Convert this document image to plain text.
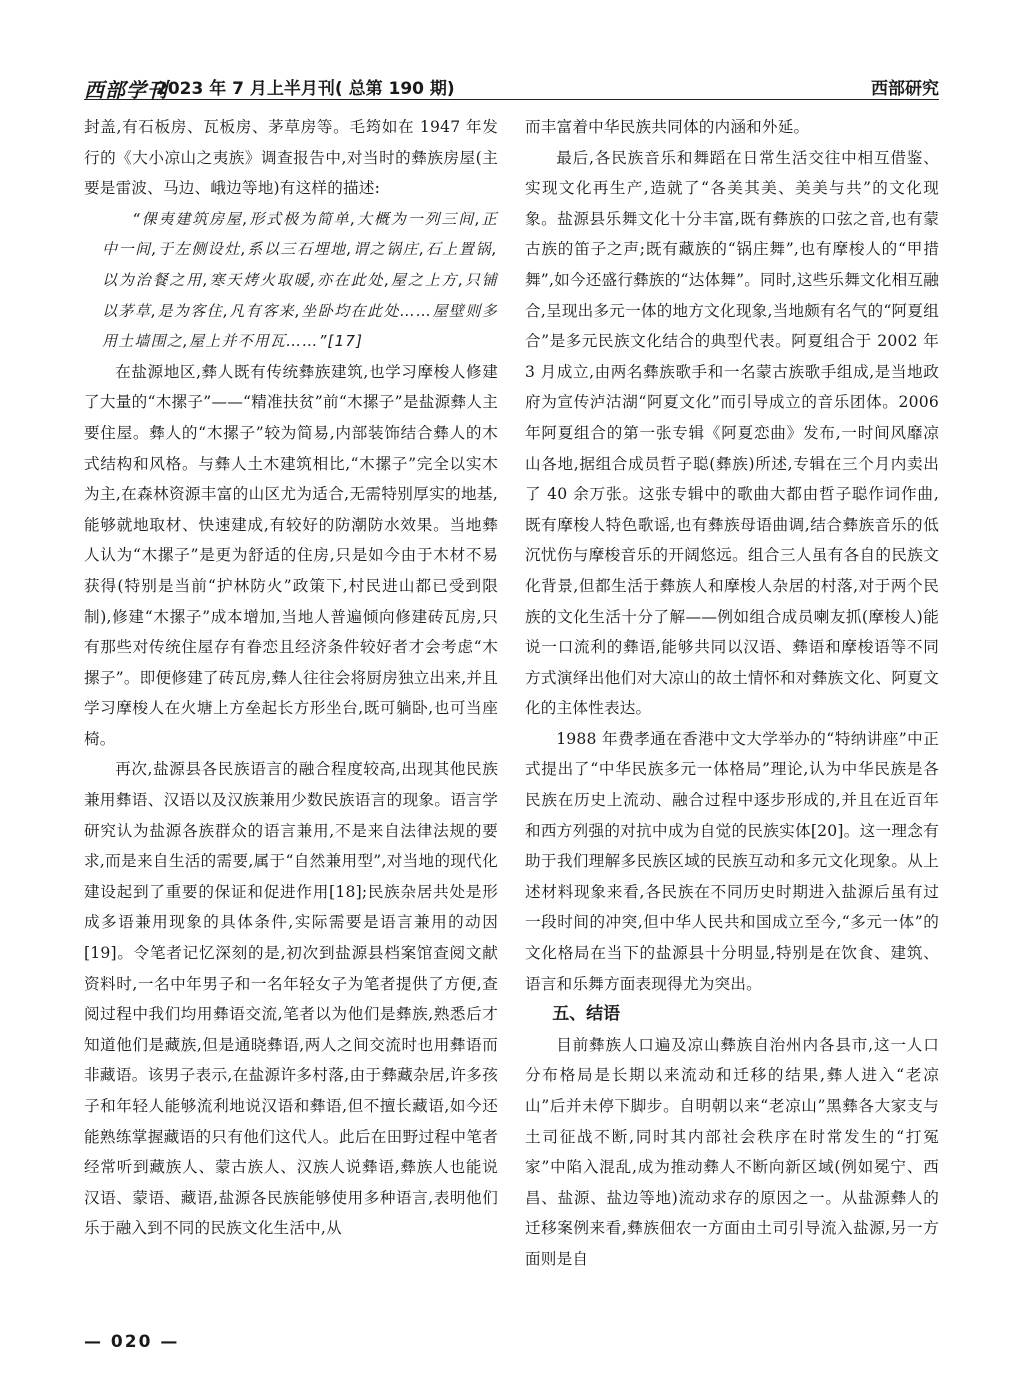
西部学刊
2023 年 7 月上半月刊( 总第 190 期)	西部研究

封盖,有石板房、瓦板房、茅草房等。毛筠如在 1947 年发行的《大小凉山之夷族》调查报告中,对当时的彝族房屋(主要是雷波、马边、峨边等地)有这样的描述:

“倮夷建筑房屋,形式极为简单,大概为一列三间,正中一间,于左侧设灶,系以三石埋地,谓之锅庄,石上置锅,以为治餐之用,寒天烤火取暖,亦在此处,屋之上方,只铺以茅草,是为客住,凡有客来,坐卧均在此处……屋壁则多用土墙围之,屋上并不用瓦……”[17]

在盐源地区,彝人既有传统彝族建筑,也学习摩梭人修建了大量的“木摞子”——“精准扶贫”前“木摞子”是盐源彝人主要住屋。彝人的“木摞子”较为简易,内部装饰结合彝人的木式结构和风格。与彝人土木建筑相比,“木摞子”完全以实木为主,在森林资源丰富的山区尤为适合,无需特别厚实的地基,能够就地取材、快速建成,有较好的防潮防水效果。当地彝人认为“木摞子”是更为舒适的住房,只是如今由于木材不易获得(特别是当前“护林防火”政策下,村民进山都已受到限制),修建“木摞子”成本增加,当地人普遍倾向修建砖瓦房,只有那些对传统住屋存有眷恋且经济条件较好者才会考虑“木摞子”。即便修建了砖瓦房,彝人往往会将厨房独立出来,并且学习摩梭人在火塘上方垒起长方形坐台,既可躺卧,也可当座椅。

再次,盐源县各民族语言的融合程度较高,出现其他民族兼用彝语、汉语以及汉族兼用少数民族语言的现象。语言学研究认为盐源各族群众的语言兼用,不是来自法律法规的要求,而是来自生活的需要,属于“自然兼用型”,对当地的现代化建设起到了重要的保证和促进作用[18];民族杂居共处是形成多语兼用现象的具体条件,实际需要是语言兼用的动因[19]。令笔者记忆深刻的是,初次到盐源县档案馆查阅文献资料时,一名中年男子和一名年轻女子为笔者提供了方便,查阅过程中我们均用彝语交流,笔者以为他们是彝族,熟悉后才知道他们是藏族,但是通晓彝语,两人之间交流时也用彝语而非藏语。该男子表示,在盐源许多村落,由于彝藏杂居,许多孩子和年轻人能够流利地说汉语和彝语,但不擅长藏语,如今还能熟练掌握藏语的只有他们这代人。此后在田野过程中笔者经常听到藏族人、蒙古族人、汉族人说彝语,彝族人也能说汉语、蒙语、藏语,盐源各民族能够使用多种语言,表明他们乐于融入到不同的民族文化生活中,从

而丰富着中华民族共同体的内涵和外延。

最后,各民族音乐和舞蹈在日常生活交往中相互借鉴、实现文化再生产,造就了“各美其美、美美与共”的文化现象。盐源县乐舞文化十分丰富,既有彝族的口弦之音,也有蒙古族的笛子之声;既有藏族的“锅庄舞”,也有摩梭人的“甲措舞”,如今还盛行彝族的“达体舞”。同时,这些乐舞文化相互融合,呈现出多元一体的地方文化现象,当地颇有名气的“阿夏组合”是多元民族文化结合的典型代表。阿夏组合于 2002 年 3 月成立,由两名彝族歌手和一名蒙古族歌手组成,是当地政府为宣传泸沽湖“阿夏文化”而引导成立的音乐团体。2006 年阿夏组合的第一张专辑《阿夏恋曲》发布,一时间风靡凉山各地,据组合成员哲子聪(彝族)所述,专辑在三个月内卖出了 40 余万张。这张专辑中的歌曲大都由哲子聪作词作曲,既有摩梭人特色歌谣,也有彝族母语曲调,结合彝族音乐的低沉忧伤与摩梭音乐的开阔悠远。组合三人虽有各自的民族文化背景,但都生活于彝族人和摩梭人杂居的村落,对于两个民族的文化生活十分了解——例如组合成员喇友抓(摩梭人)能说一口流利的彝语,能够共同以汉语、彝语和摩梭语等不同方式演绎出他们对大凉山的故土情怀和对彝族文化、阿夏文化的主体性表达。

1988 年费孝通在香港中文大学举办的“特纳讲座”中正式提出了“中华民族多元一体格局”理论,认为中华民族是各民族在历史上流动、融合过程中逐步形成的,并且在近百年和西方列强的对抗中成为自觉的民族实体[20]。这一理念有助于我们理解多民族区域的民族互动和多元文化现象。从上述材料现象来看,各民族在不同历史时期进入盐源后虽有过一段时间的冲突,但中华人民共和国成立至今,“多元一体”的文化格局在当下的盐源县十分明显,特别是在饮食、建筑、语言和乐舞方面表现得尤为突出。

五、结语

目前彝族人口遍及凉山彝族自治州内各县市,这一人口分布格局是长期以来流动和迁移的结果,彝人进入“老凉山”后并未停下脚步。自明朝以来“老凉山”黑彝各大家支与土司征战不断,同时其内部社会秩序在时常发生的“打冤家”中陷入混乱,成为推动彝人不断向新区域(例如冕宁、西昌、盐源、盐边等地)流动求存的原因之一。从盐源彝人的迁移案例来看,彝族佃农一方面由土司引导流入盐源,另一方面则是自

— 020 —
